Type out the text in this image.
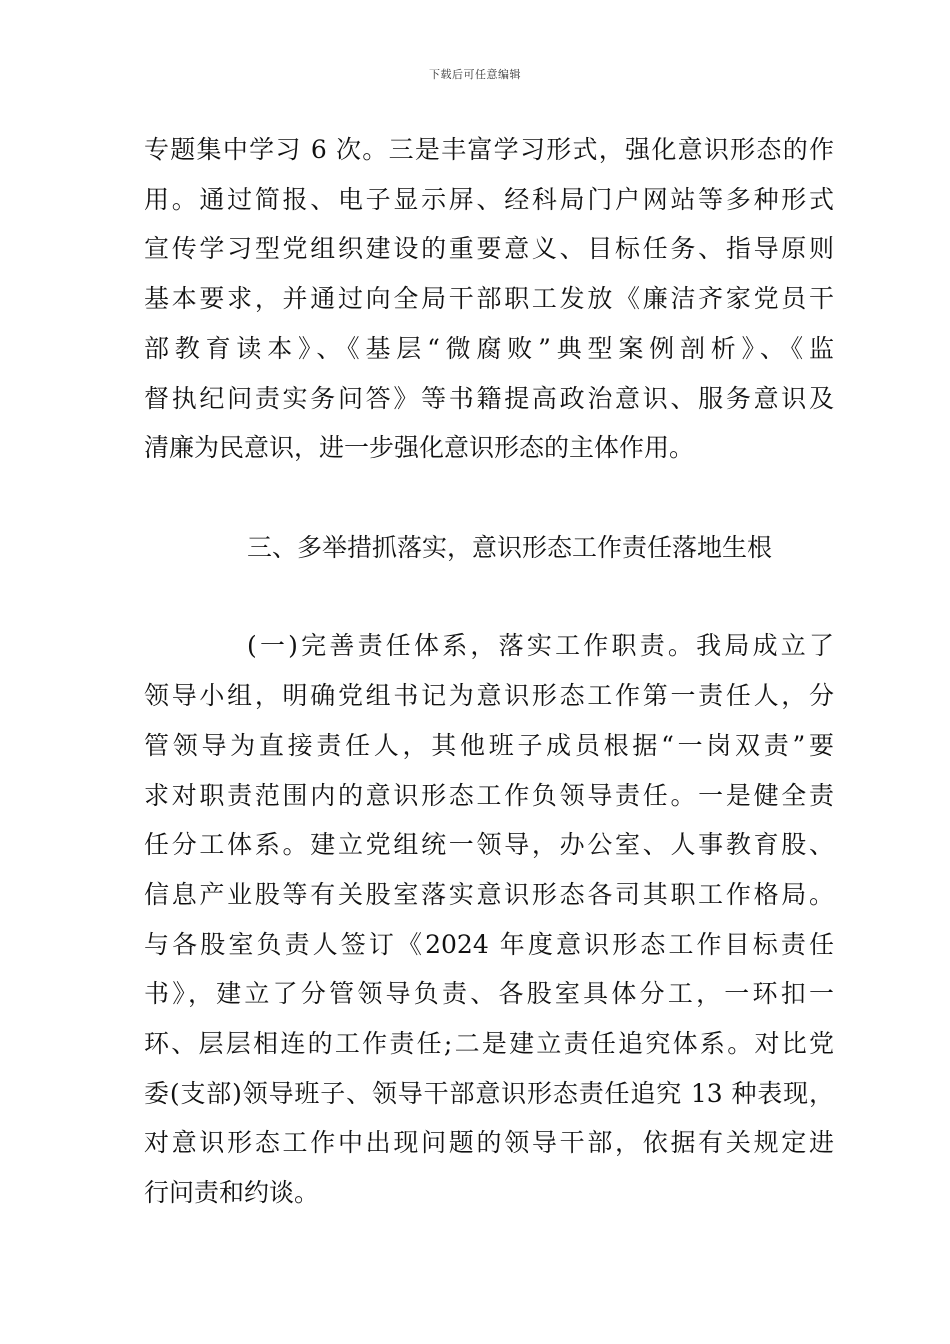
下载后可任意编辑
专题集中学习 6 次。三是丰富学习形式，强化意识形态的作
用。通过简报、电子显示屏、经科局门户网站等多种形式
宣传学习型党组织建设的重要意义、目标任务、指导原则
基本要求，并通过向全局干部职工发放《廉洁齐家党员干
部教育读本》、《基层“微腐败”典型案例剖析》、《监
督执纪问责实务问答》等书籍提高政治意识、服务意识及
清廉为民意识，进一步强化意识形态的主体作用。
三、多举措抓落实，意识形态工作责任落地生根
(一)完善责任体系，落实工作职责。我局成立了
领导小组，明确党组书记为意识形态工作第一责任人，分
管领导为直接责任人，其他班子成员根据“一岗双责”要
求对职责范围内的意识形态工作负领导责任。一是健全责
任分工体系。建立党组统一领导，办公室、人事教育股、
信息产业股等有关股室落实意识形态各司其职工作格局。
与各股室负责人签订《2024 年度意识形态工作目标责任
书》，建立了分管领导负责、各股室具体分工，一环扣一
环、层层相连的工作责任;二是建立责任追究体系。对比党
委(支部)领导班子、领导干部意识形态责任追究 13 种表现，
对意识形态工作中出现问题的领导干部，依据有关规定进
行问责和约谈。
